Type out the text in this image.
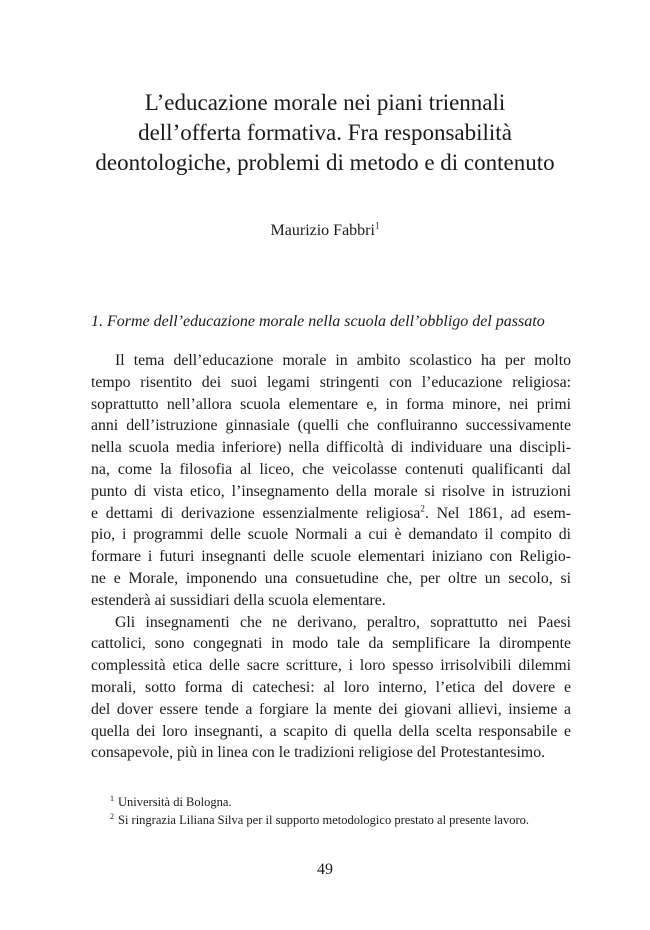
L’educazione morale nei piani triennali
dell’offerta formativa. Fra responsabilità
deontologiche, problemi di metodo e di contenuto
Maurizio Fabbri$^1$
1. Forme dell’educazione morale nella scuola dell’obbligo del passato
Il tema dell’educazione morale in ambito scolastico ha per molto
tempo risentito dei suoi legami stringenti con l’educazione religiosa:
soprattutto nell’allora scuola elementare e, in forma minore, nei primi
anni dell’istruzione ginnasiale (quelli che confluiranno successivamente
nella scuola media inferiore) nella difficoltà di individuare una discipli-
na, come la filosofia al liceo, che veicolasse contenuti qualificanti dal
punto di vista etico, l’insegnamento della morale si risolve in istruzioni
e dettami di derivazione essenzialmente religiosa$^2$. Nel 1861, ad esem-
pio, i programmi delle scuole Normali a cui è demandato il compito di
formare i futuri insegnanti delle scuole elementari iniziano con Religio-
ne e Morale, imponendo una consuetudine che, per oltre un secolo, si
estenderà ai sussidiari della scuola elementare.
Gli insegnamenti che ne derivano, peraltro, soprattutto nei Paesi
cattolici, sono congegnati in modo tale da semplificare la dirompente
complessità etica delle sacre scritture, i loro spesso irrisolvibili dilemmi
morali, sotto forma di catechesi: al loro interno, l’etica del dovere e
del dover essere tende a forgiare la mente dei giovani allievi, insieme a
quella dei loro insegnanti, a scapito di quella della scelta responsabile e
consapevole, più in linea con le tradizioni religiose del Protestantesimo.
$^1$ Università di Bologna.
$^2$ Si ringrazia Liliana Silva per il supporto metodologico prestato al presente lavoro.
49
